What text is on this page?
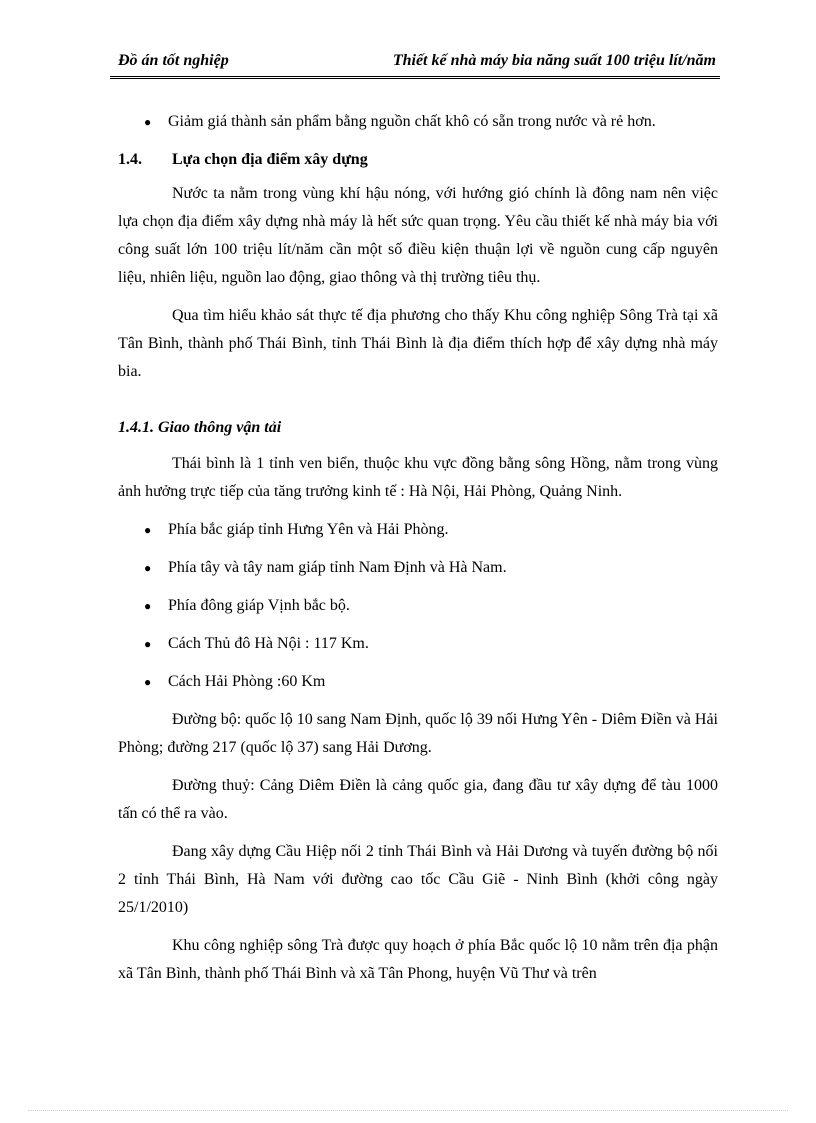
Đồ án tốt nghiệp	Thiết kế nhà máy bia năng suất 100 triệu lít/năm
● Giảm giá thành sản phẩm bằng nguồn chất khô có sẵn trong nước và rẻ hơn.
1.4. Lựa chọn địa điểm xây dựng

Nước ta nằm trong vùng khí hậu nóng, với hướng gió chính là đông nam nên việc lựa chọn địa điểm xây dựng nhà máy là hết sức quan trọng. Yêu cầu thiết kế nhà máy bia với công suất lớn 100 triệu lít/năm cần một số điều kiện thuận lợi về nguồn cung cấp nguyên liệu, nhiên liệu, nguồn lao động, giao thông và thị trường tiêu thụ.

Qua tìm hiểu khảo sát thực tế địa phương cho thấy Khu công nghiệp Sông Trà tại xã Tân Bình, thành phố Thái Bình, tỉnh Thái Bình là địa điểm thích hợp để xây dựng nhà máy bia.

1.4.1. Giao thông vận tải

Thái bình là 1 tỉnh ven biển, thuộc khu vực đồng bằng sông Hồng, nằm trong vùng ảnh hưởng trực tiếp của tăng trưởng kinh tế : Hà Nội, Hải Phòng, Quảng Ninh.

● Phía bắc giáp tỉnh Hưng Yên và Hải Phòng.
● Phía tây và tây nam giáp tỉnh Nam Định và Hà Nam.
● Phía đông giáp Vịnh bắc bộ.
● Cách Thủ đô Hà Nội : 117 Km.
● Cách Hải Phòng :60 Km

Đường bộ: quốc lộ 10 sang Nam Định, quốc lộ 39 nối Hưng Yên - Diêm Điền và Hải Phòng; đường 217 (quốc lộ 37) sang Hải Dương.

Đường thuỷ: Cảng Diêm Điền là cảng quốc gia, đang đầu tư xây dựng để tàu 1000 tấn có thể ra vào.

Đang xây dựng Cầu Hiệp nối 2 tỉnh Thái Bình và Hải Dương và tuyến đường bộ nối 2 tỉnh Thái Bình, Hà Nam với đường cao tốc Cầu Giẽ - Ninh Bình (khởi công ngày 25/1/2010)

Khu công nghiệp sông Trà được quy hoạch ở phía Bắc quốc lộ 10 nằm trên địa phận xã Tân Bình, thành phố Thái Bình và xã Tân Phong, huyện Vũ Thư và trên
